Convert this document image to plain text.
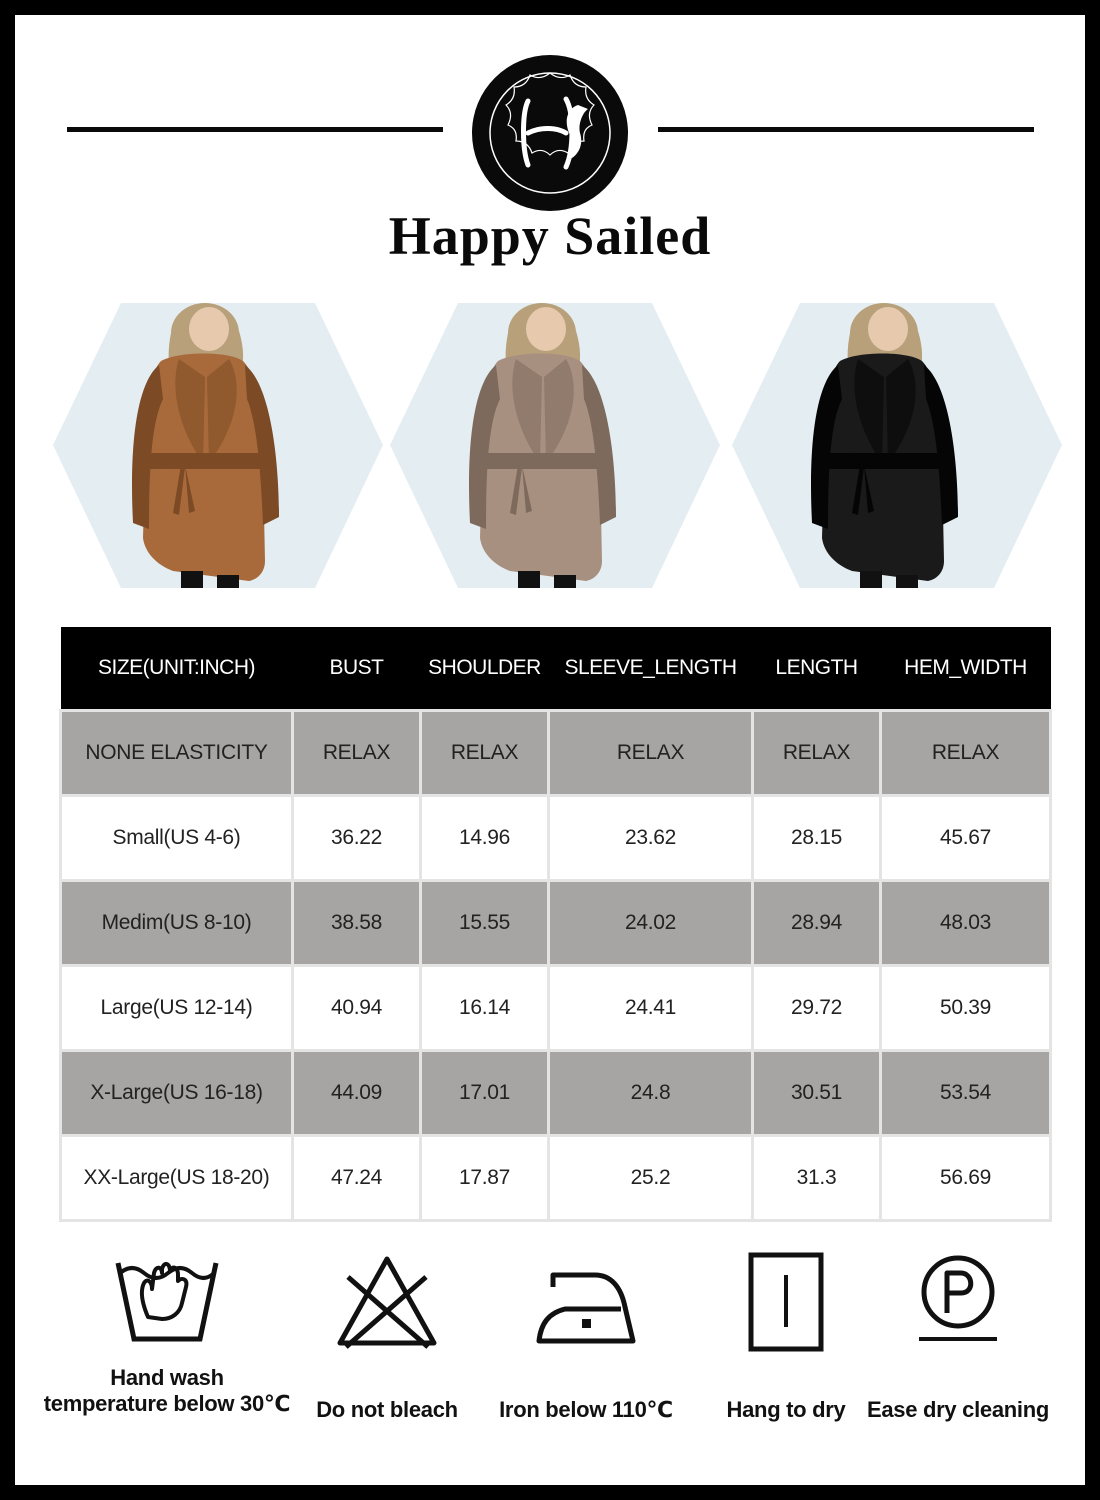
Happy Sailed
SIZE(UNIT:INCH)	BUST	SHOULDER	SLEEVE_LENGTH	LENGTH	HEM_WIDTH
NONE ELASTICITY	RELAX	RELAX	RELAX	RELAX	RELAX
Small(US 4-6)	36.22	14.96	23.62	28.15	45.67
Medim(US 8-10)	38.58	15.55	24.02	28.94	48.03
Large(US 12-14)	40.94	16.14	24.41	29.72	50.39
X-Large(US 16-18)	44.09	17.01	24.8	30.51	53.54
XX-Large(US 18-20)	47.24	17.87	25.2	31.3	56.69
Hand wash
temperature below 30℃	Do not bleach	Iron below 110℃	Hang to dry Ease dry cleaning
